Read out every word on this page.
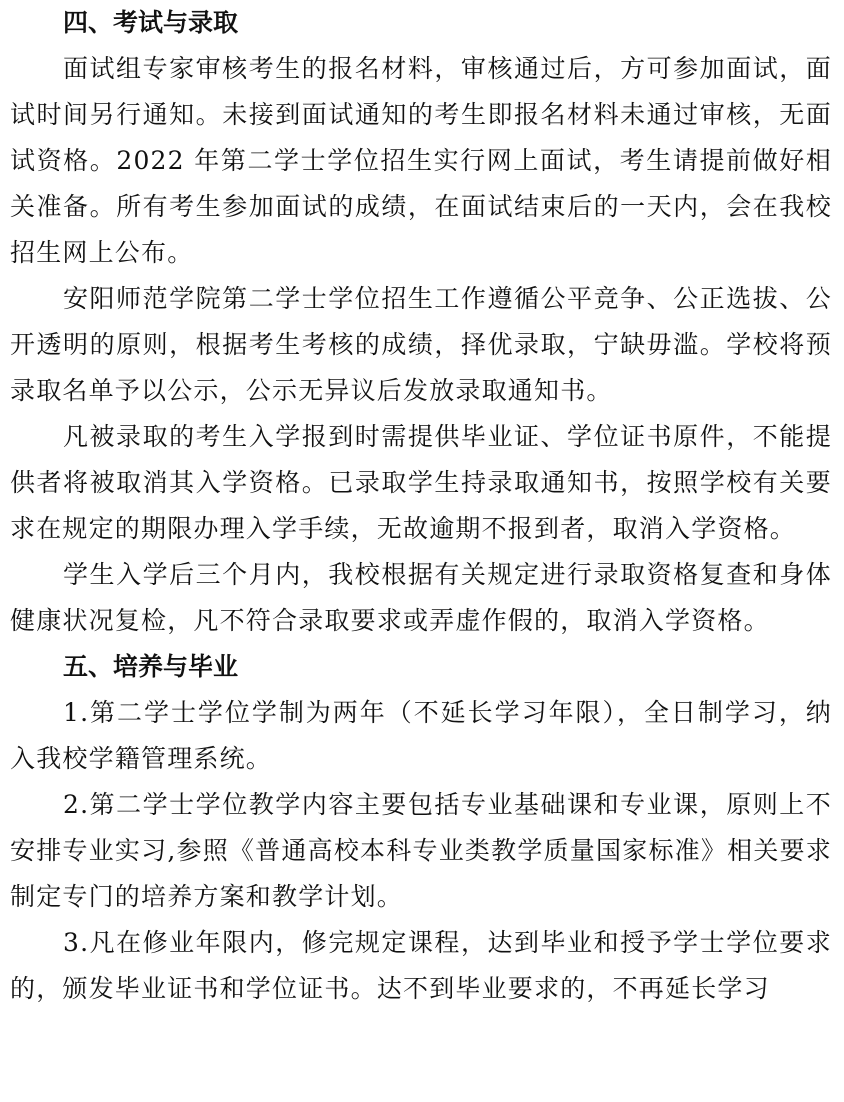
四、考试与录取

面试组专家审核考生的报名材料，审核通过后，方可参加面试，面试时间另行通知。未接到面试通知的考生即报名材料未通过审核，无面试资格。2022 年第二学士学位招生实行网上面试，考生请提前做好相关准备。所有考生参加面试的成绩，在面试结束后的一天内，会在我校招生网上公布。

安阳师范学院第二学士学位招生工作遵循公平竞争、公正选拔、公开透明的原则，根据考生考核的成绩，择优录取，宁缺毋滥。学校将预录取名单予以公示，公示无异议后发放录取通知书。

凡被录取的考生入学报到时需提供毕业证、学位证书原件，不能提供者将被取消其入学资格。已录取学生持录取通知书，按照学校有关要求在规定的期限办理入学手续，无故逾期不报到者，取消入学资格。

学生入学后三个月内，我校根据有关规定进行录取资格复查和身体健康状况复检，凡不符合录取要求或弄虚作假的，取消入学资格。

五、培养与毕业

1.第二学士学位学制为两年（不延长学习年限），全日制学习，纳入我校学籍管理系统。

2.第二学士学位教学内容主要包括专业基础课和专业课，原则上不安排专业实习,参照《普通高校本科专业类教学质量国家标准》相关要求制定专门的培养方案和教学计划。

3.凡在修业年限内，修完规定课程，达到毕业和授予学士学位要求的，颁发毕业证书和学位证书。达不到毕业要求的，不再延长学习
